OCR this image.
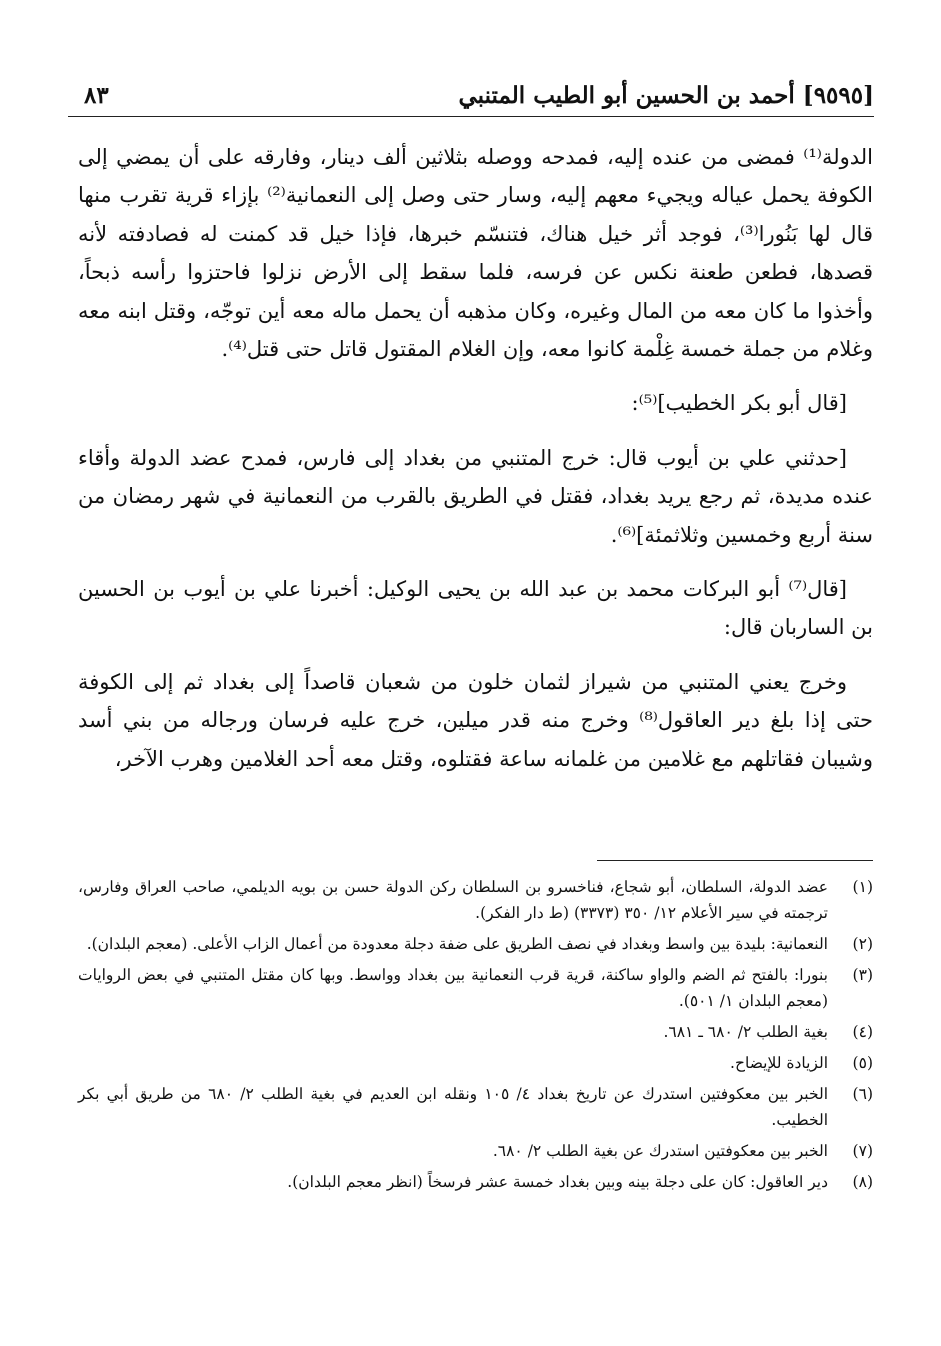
[٩٥٩٥] أحمد بن الحسين أبو الطيب المتنبي
٨٣

الدولة⁽¹⁾ فمضى من عنده إليه، فمدحه ووصله بثلاثين ألف دينار، وفارقه على أن يمضي إلى الكوفة يحمل عياله ويجيء معهم إليه، وسار حتى وصل إلى النعمانية⁽²⁾ بإزاء قرية تقرب منها قال لها بَنُورا⁽³⁾، فوجد أثر خيل هناك، فتنسّم خبرها، فإذا خيل قد كمنت له فصادفته لأنه قصدها، فطعن طعنة نكس عن فرسه، فلما سقط إلى الأرض نزلوا فاحتزوا رأسه ذبحاً، وأخذوا ما كان معه من المال وغيره، وكان مذهبه أن يحمل ماله معه أين توجّه، وقتل ابنه معه وغلام من جملة خمسة غِلْمة كانوا معه، وإن الغلام المقتول قاتل حتى قتل⁽⁴⁾.

[قال أبو بكر الخطيب]⁽⁵⁾:

[حدثني علي بن أيوب قال: خرج المتنبي من بغداد إلى فارس، فمدح عضد الدولة وأقاء عنده مديدة، ثم رجع يريد بغداد، فقتل في الطريق بالقرب من النعمانية في شهر رمضان من سنة أربع وخمسين وثلاثمئة]⁽⁶⁾.

[قال⁽⁷⁾ أبو البركات محمد بن عبد الله بن يحيى الوكيل: أخبرنا علي بن أيوب بن الحسين بن الساربان قال:

وخرج يعني المتنبي من شيراز لثمان خلون من شعبان قاصداً إلى بغداد ثم إلى الكوفة حتى إذا بلغ دير العاقول⁽⁸⁾ وخرج منه قدر ميلين، خرج عليه فرسان ورجاله من بني أسد وشيبان فقاتلهم مع غلامين من غلمانه ساعة فقتلوه، وقتل معه أحد الغلامين وهرب الآخر،

(١)
عضد الدولة، السلطان، أبو شجاع، فناخسرو بن السلطان ركن الدولة حسن بن بويه الديلمي، صاحب العراق وفارس، ترجمته في سير الأعلام ١٢/ ٣٥٠ (٣٣٧٣) (ط دار الفكر).
(٢)
النعمانية: بليدة بين واسط وبغداد في نصف الطريق على ضفة دجلة معدودة من أعمال الزاب الأعلى. (معجم البلدان).
(٣)
بنورا: بالفتح ثم الضم والواو ساكنة، قرية قرب النعمانية بين بغداد وواسط. وبها كان مقتل المتنبي في بعض الروايات (معجم البلدان ١/ ٥٠١).
(٤)
بغية الطلب ٢/ ٦٨٠ ـ ٦٨١.
(٥)
الزيادة للإيضاح.
(٦)
الخبر بين معكوفتين استدرك عن تاريخ بغداد ٤/ ١٠٥ ونقله ابن العديم في بغية الطلب ٢/ ٦٨٠ من طريق أبي بكر الخطيب.
(٧)
الخبر بين معكوفتين استدرك عن بغية الطلب ٢/ ٦٨٠.
(٨)
دير العاقول: كان على دجلة بينه وبين بغداد خمسة عشر فرسخاً (انظر معجم البلدان).
